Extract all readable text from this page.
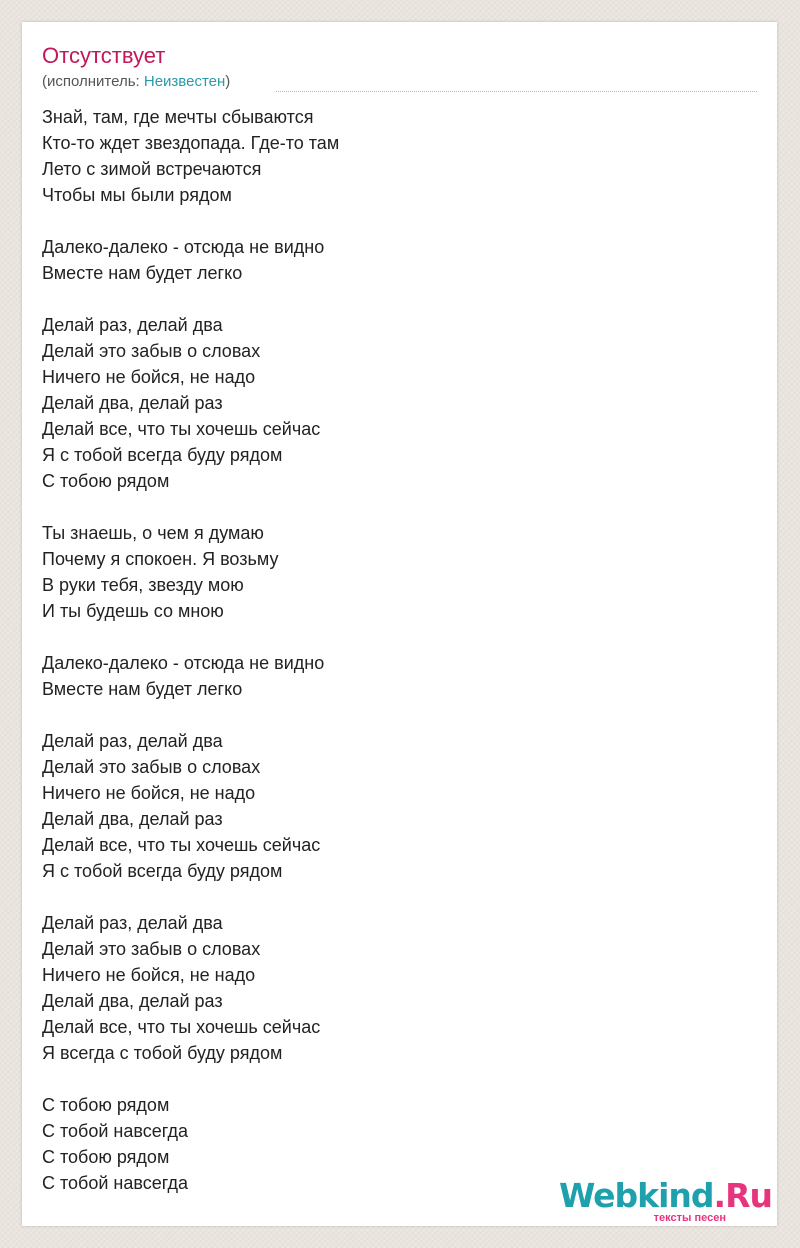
Отсутствует
(исполнитель: Неизвестен)
Знай, там, где мечты сбываются
Кто-то ждет звездопада. Где-то там
Лето с зимой встречаются
Чтобы мы были рядом
Далеко-далеко - отсюда не видно
Вместе нам будет легко
Делай раз, делай два
Делай это забыв о словах
Ничего не бойся, не надо
Делай два, делай раз
Делай все, что ты хочешь сейчас
Я с тобой всегда буду рядом
С тобою рядом
Ты знаешь, о чем я думаю
Почему я спокоен. Я возьму
В руки тебя, звезду мою
И ты будешь со мною
Далеко-далеко - отсюда не видно
Вместе нам будет легко
Делай раз, делай два
Делай это забыв о словах
Ничего не бойся, не надо
Делай два, делай раз
Делай все, что ты хочешь сейчас
Я с тобой всегда буду рядом
Делай раз, делай два
Делай это забыв о словах
Ничего не бойся, не надо
Делай два, делай раз
Делай все, что ты хочешь сейчас
Я всегда с тобой буду рядом
С тобою рядом
С тобой навсегда
С тобою рядом
С тобой навсегда	Webkind.Ru
тексты песен
